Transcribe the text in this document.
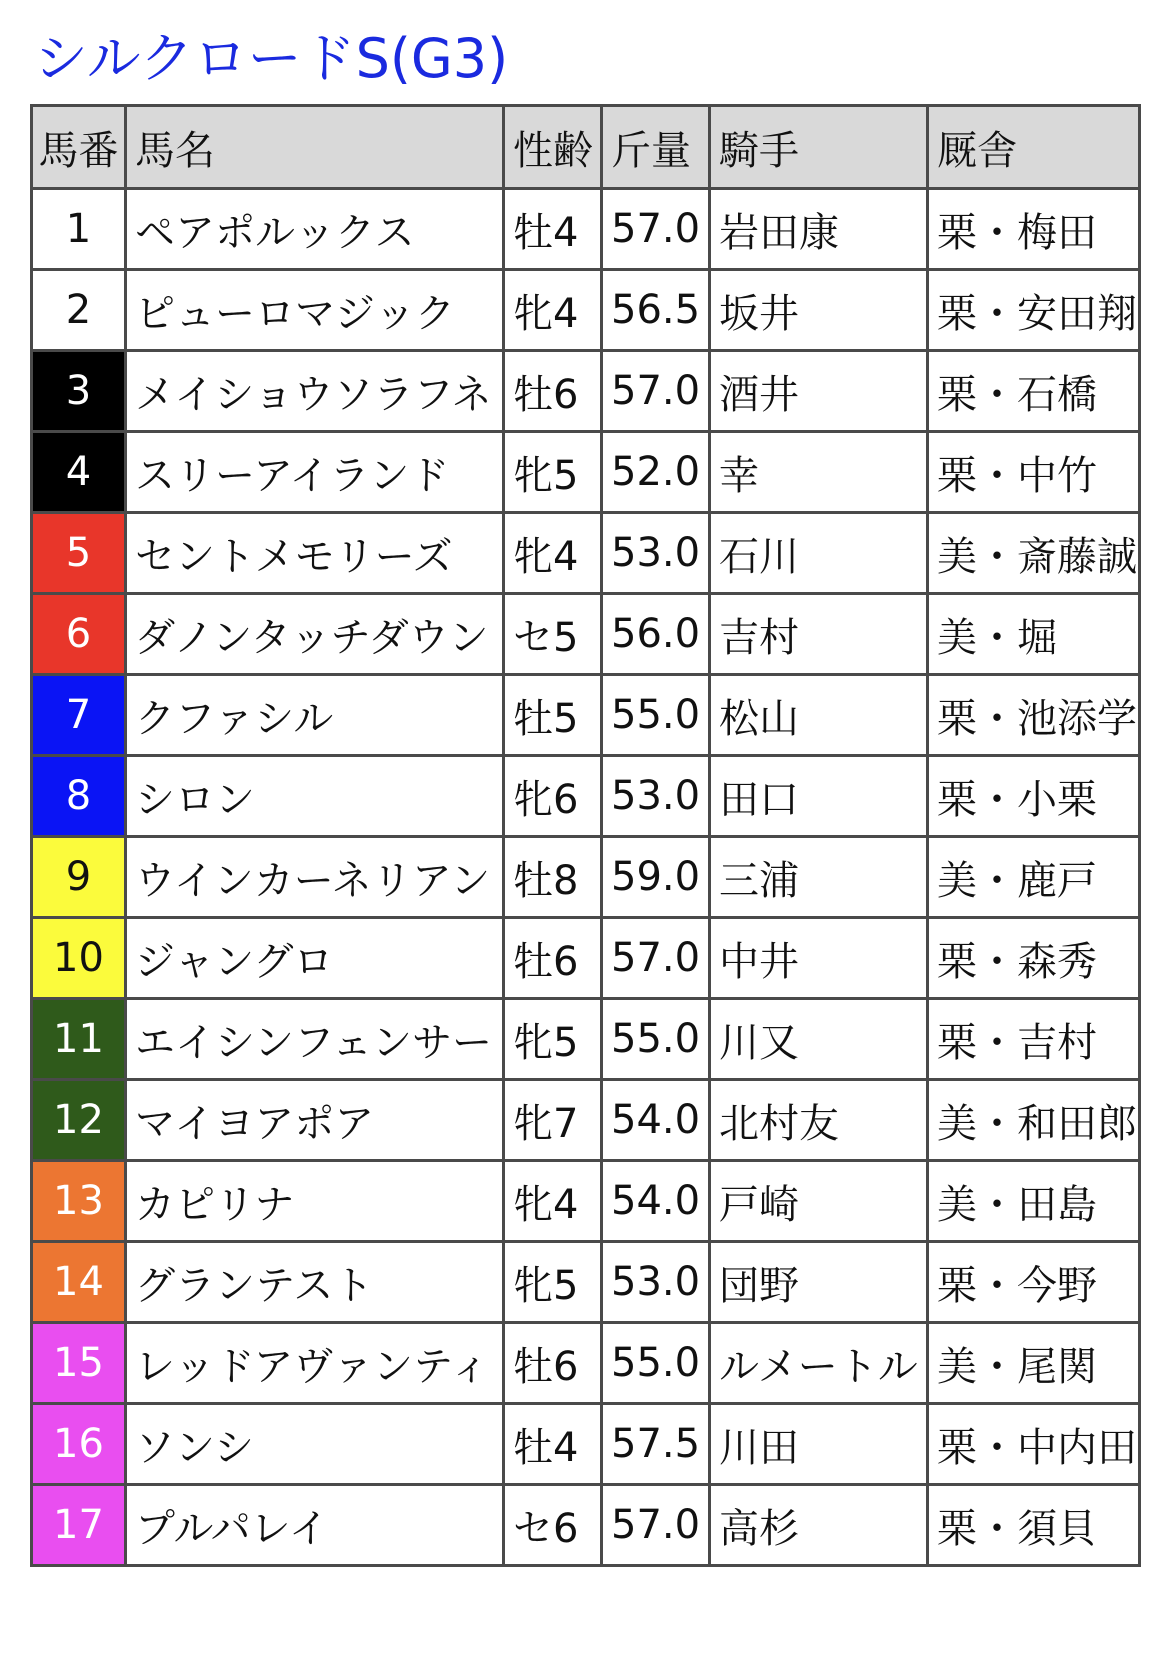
シルクロードS(G3)
馬番	馬名	性齢	斤量	騎手	厩舎
1	ペアポルックス	牡4	57.0	岩田康	栗・梅田
2	ピューロマジック	牝4	56.5	坂井	栗・安田翔
3	メイショウソラフネ	牡6	57.0	酒井	栗・石橋
4	スリーアイランド	牝5	52.0	幸	栗・中竹
5	セントメモリーズ	牝4	53.0	石川	美・斎藤誠
6	ダノンタッチダウン	セ5	56.0	吉村	美・堀
7	クファシル	牡5	55.0	松山	栗・池添学
8	シロン	牝6	53.0	田口	栗・小栗
9	ウインカーネリアン	牡8	59.0	三浦	美・鹿戸
10	ジャングロ	牡6	57.0	中井	栗・森秀
11	エイシンフェンサー	牝5	55.0	川又	栗・吉村
12	マイヨアポア	牝7	54.0	北村友	美・和田郎
13	カピリナ	牝4	54.0	戸崎	美・田島
14	グランテスト	牝5	53.0	団野	栗・今野
15	レッドアヴァンティ	牡6	55.0	ルメートル	美・尾関
16	ソンシ	牡4	57.5	川田	栗・中内田
17	プルパレイ	セ6	57.0	高杉	栗・須貝
